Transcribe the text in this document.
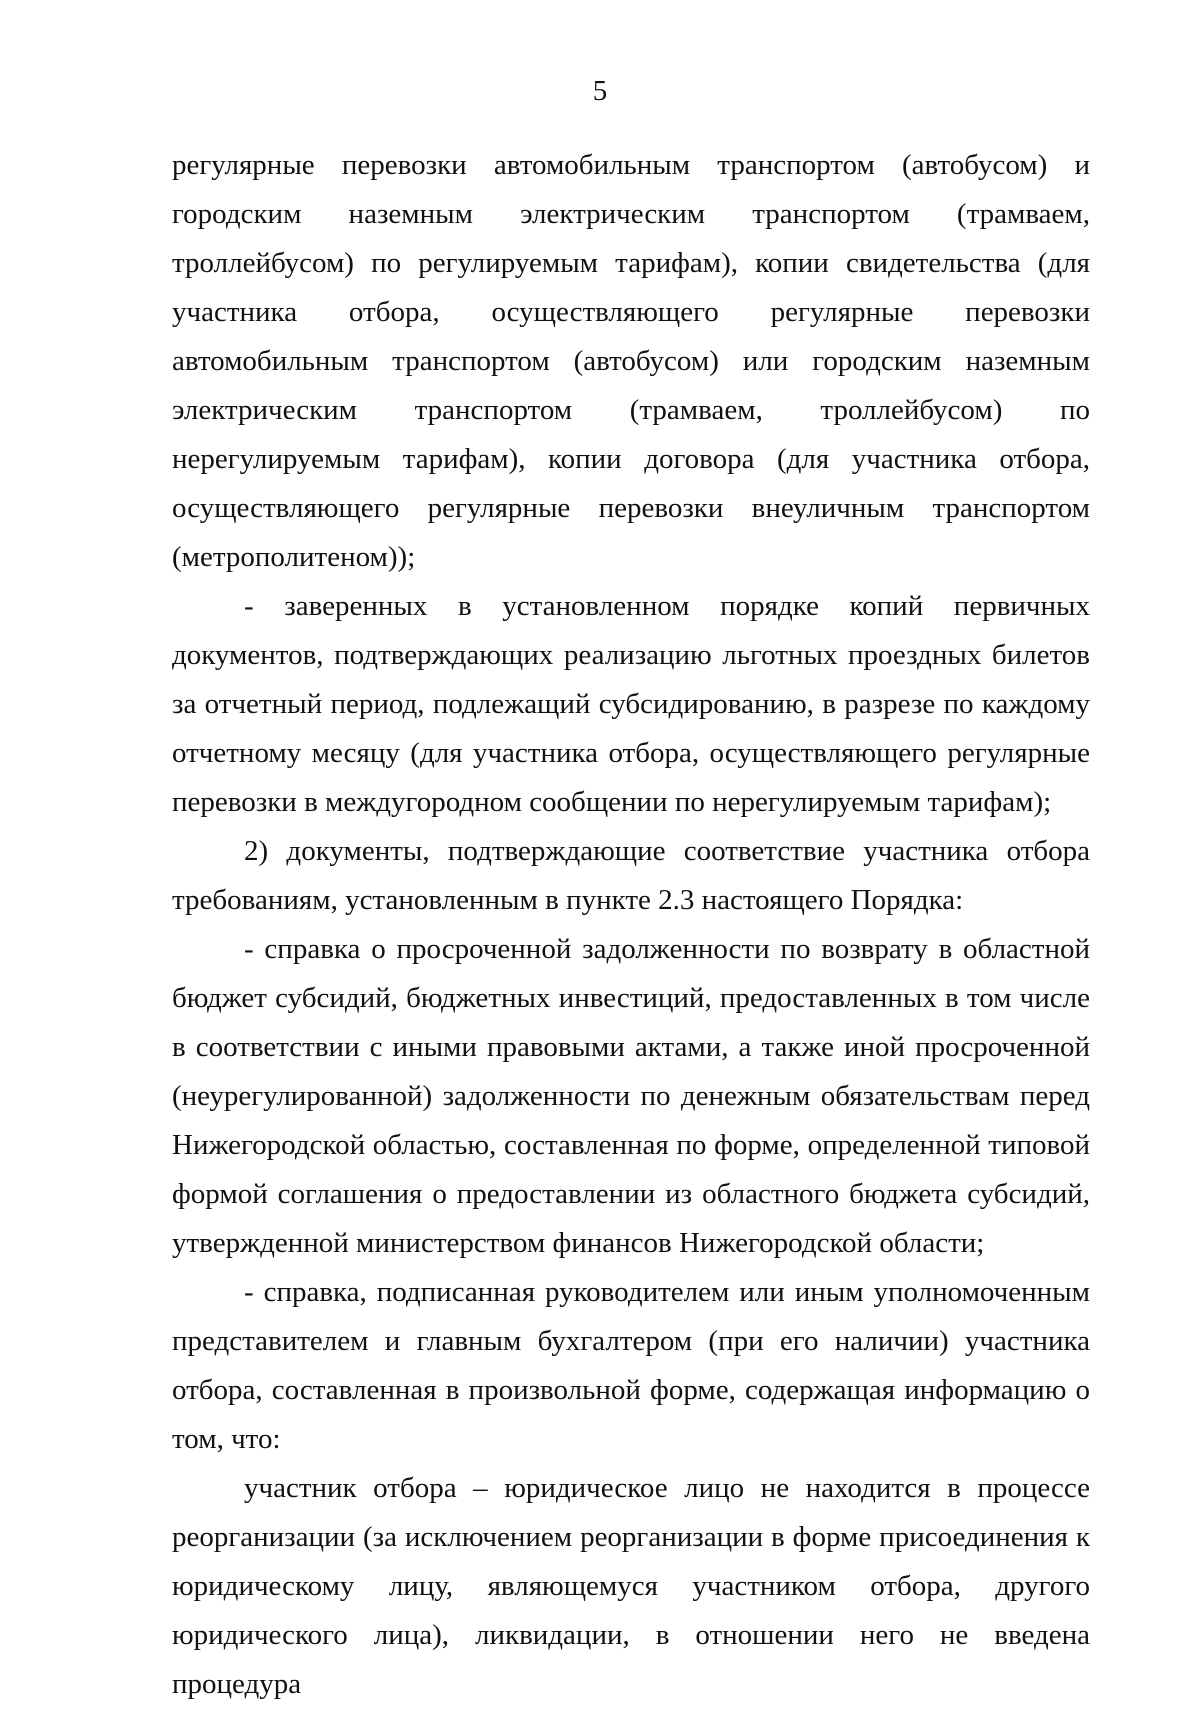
5

регулярные перевозки автомобильным транспортом (автобусом) и городским наземным электрическим транспортом (трамваем, троллейбусом) по регулируемым тарифам), копии свидетельства (для участника отбора, осуществляющего регулярные перевозки автомобильным транспортом (автобусом) или городским наземным электрическим транспортом (трамваем, троллейбусом) по нерегулируемым тарифам), копии договора (для участника отбора, осуществляющего регулярные перевозки внеуличным транспортом (метрополитеном));

- заверенных в установленном порядке копий первичных документов, подтверждающих реализацию льготных проездных билетов за отчетный период, подлежащий субсидированию, в разрезе по каждому отчетному месяцу (для участника отбора, осуществляющего регулярные перевозки в междугородном сообщении по нерегулируемым тарифам);

2) документы, подтверждающие соответствие участника отбора требованиям, установленным в пункте 2.3 настоящего Порядка:

- справка о просроченной задолженности по возврату в областной бюджет субсидий, бюджетных инвестиций, предоставленных в том числе в соответствии с иными правовыми актами, а также иной просроченной (неурегулированной) задолженности по денежным обязательствам перед Нижегородской областью, составленная по форме, определенной типовой формой соглашения о предоставлении из областного бюджета субсидий, утвержденной министерством финансов Нижегородской области;

- справка, подписанная руководителем или иным уполномоченным представителем и главным бухгалтером (при его наличии) участника отбора, составленная в произвольной форме, содержащая информацию о том, что:

участник отбора – юридическое лицо не находится в процессе реорганизации (за исключением реорганизации в форме присоединения к юридическому лицу, являющемуся участником отбора, другого юридического лица), ликвидации, в отношении него не введена процедура
